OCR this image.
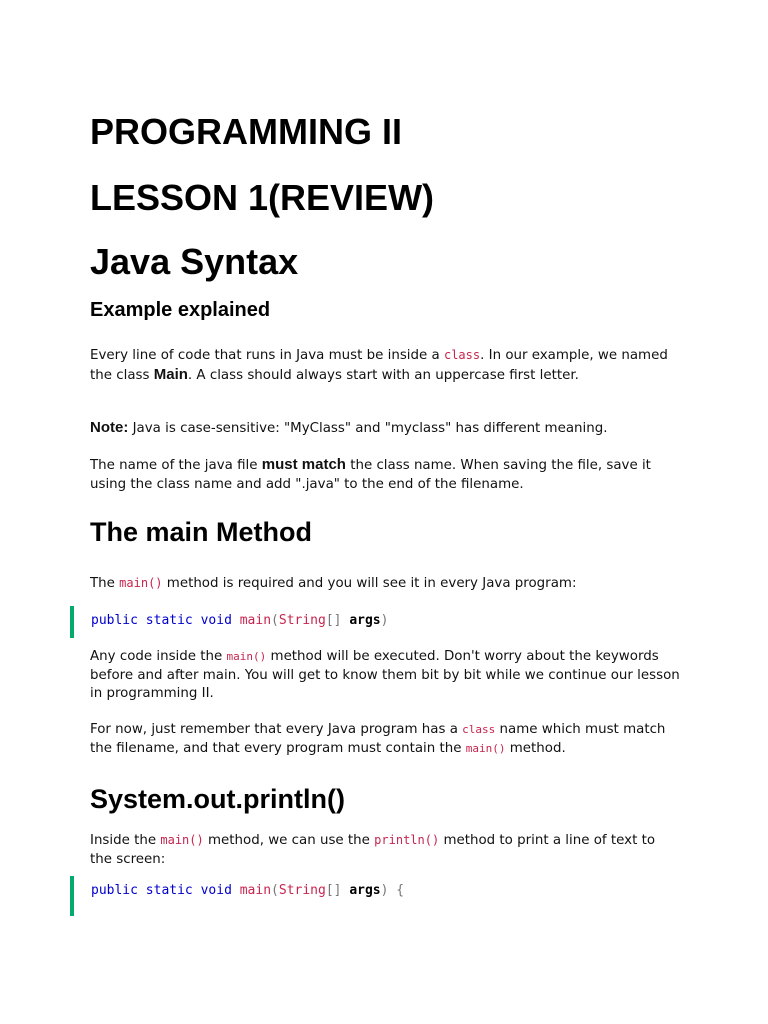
PROGRAMMING II
LESSON 1(REVIEW)
Java Syntax
Example explained

Every line of code that runs in Java must be inside a class. In our example, we named the class Main. A class should always start with an uppercase first letter.

Note: Java is case-sensitive: "MyClass" and "myclass" has different meaning.

The name of the java file must match the class name. When saving the file, save it using the class name and add ".java" to the end of the filename.

The main Method

The main() method is required and you will see it in every Java program:

public static void main(String[] args)

Any code inside the main() method will be executed. Don't worry about the keywords before and after main. You will get to know them bit by bit while we continue our lesson in programming II.

For now, just remember that every Java program has a class name which must match the filename, and that every program must contain the main() method.

System.out.println()

Inside the main() method, we can use the println() method to print a line of text to the screen:

public static void main(String[] args) {
